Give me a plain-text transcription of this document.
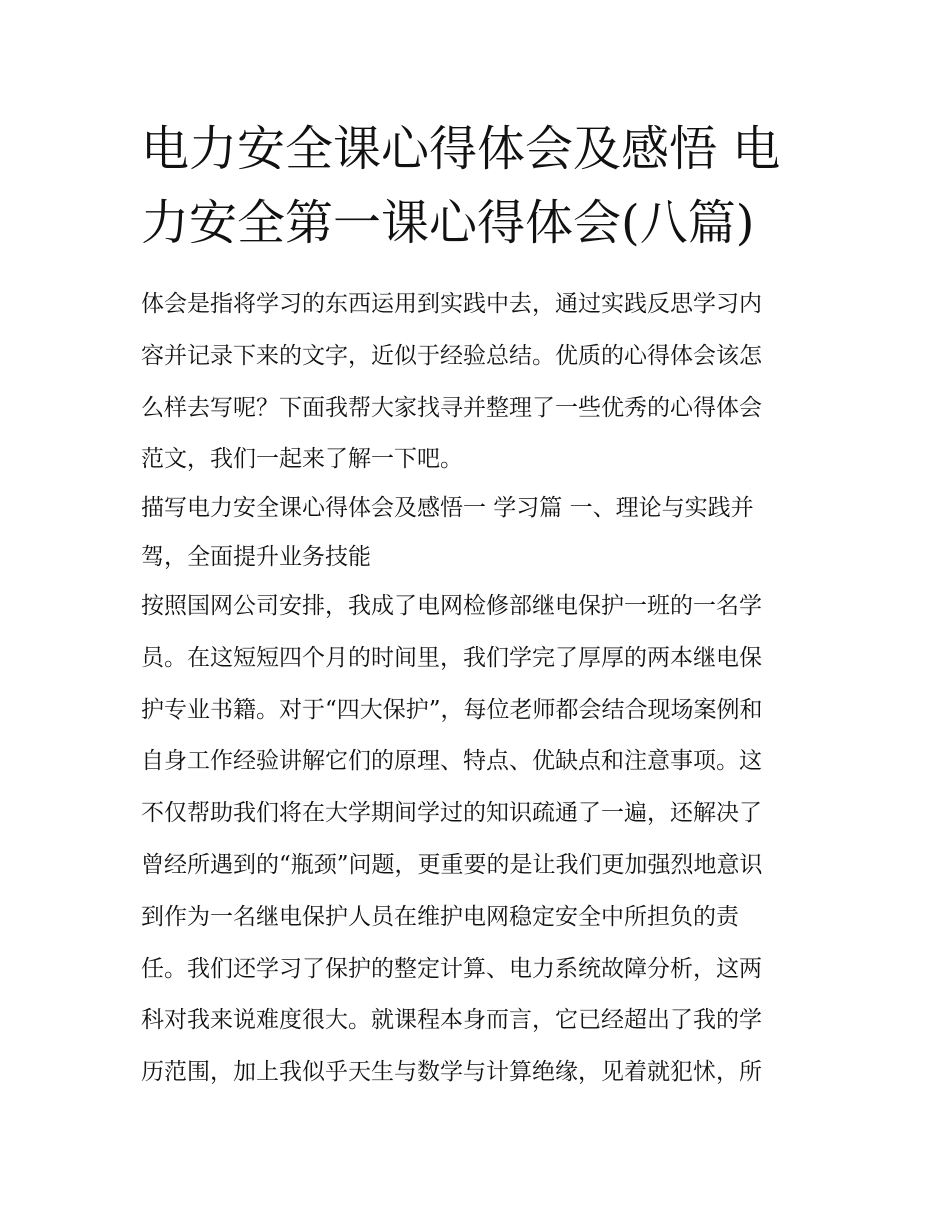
电力安全课心得体会及感悟 电
力安全第一课心得体会(八篇)
体会是指将学习的东西运用到实践中去，通过实践反思学习内
容并记录下来的文字，近似于经验总结。优质的心得体会该怎
么样去写呢？下面我帮大家找寻并整理了一些优秀的心得体会
范文，我们一起来了解一下吧。
描写电力安全课心得体会及感悟一 学习篇 一、理论与实践并
驾，全面提升业务技能
按照国网公司安排，我成了电网检修部继电保护一班的一名学
员。在这短短四个月的时间里，我们学完了厚厚的两本继电保
护专业书籍。对于“四大保护”，每位老师都会结合现场案例和
自身工作经验讲解它们的原理、特点、优缺点和注意事项。这
不仅帮助我们将在大学期间学过的知识疏通了一遍，还解决了
曾经所遇到的“瓶颈”问题，更重要的是让我们更加强烈地意识
到作为一名继电保护人员在维护电网稳定安全中所担负的责
任。我们还学习了保护的整定计算、电力系统故障分析，这两
科对我来说难度很大。就课程本身而言，它已经超出了我的学
历范围，加上我似乎天生与数学与计算绝缘，见着就犯怵，所
